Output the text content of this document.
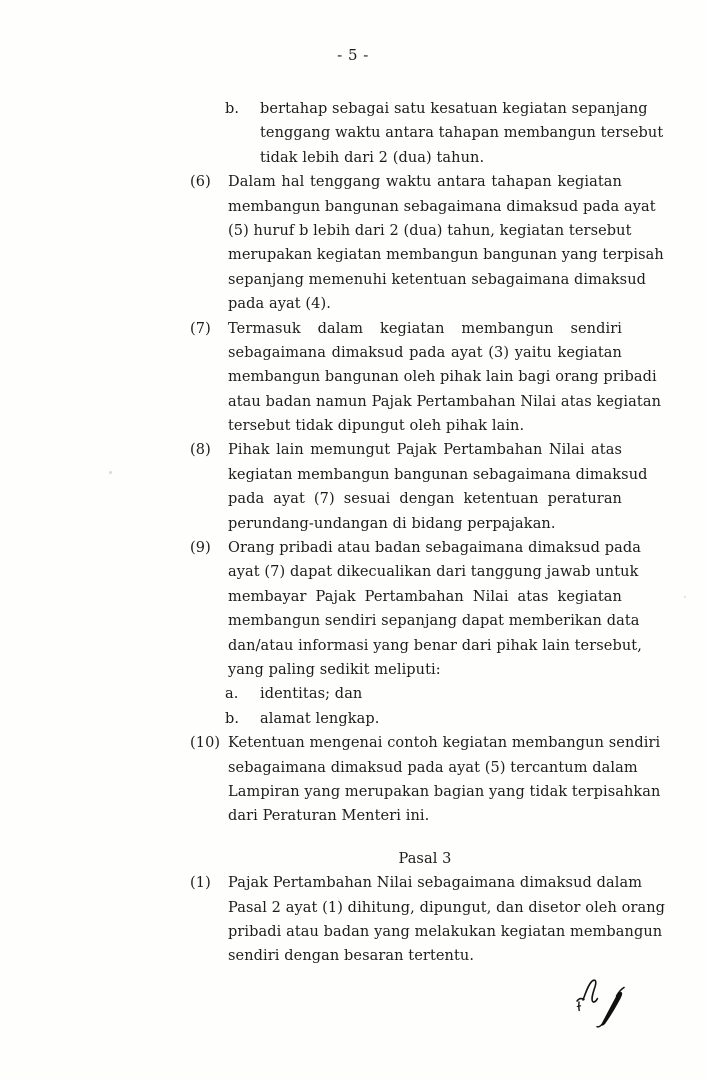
- 5 -
b. bertahap sebagai satu kesatuan kegiatan sepanjang
tenggang waktu antara tahapan membangun tersebut
tidak lebih dari 2 (dua) tahun.
(6) Dalam hal tenggang waktu antara tahapan kegiatan
membangun bangunan sebagaimana dimaksud pada ayat
(5) huruf b lebih dari 2 (dua) tahun, kegiatan tersebut
merupakan kegiatan membangun bangunan yang terpisah
sepanjang memenuhi ketentuan sebagaimana dimaksud
pada ayat (4).
(7) Termasuk dalam kegiatan membangun sendiri
sebagaimana dimaksud pada ayat (3) yaitu kegiatan
membangun bangunan oleh pihak lain bagi orang pribadi
atau badan namun Pajak Pertambahan Nilai atas kegiatan
tersebut tidak dipungut oleh pihak lain.
(8) Pihak lain memungut Pajak Pertambahan Nilai atas
kegiatan membangun bangunan sebagaimana dimaksud
pada ayat (7) sesuai dengan ketentuan peraturan
perundang-undangan di bidang perpajakan.
(9) Orang pribadi atau badan sebagaimana dimaksud pada
ayat (7) dapat dikecualikan dari tanggung jawab untuk
membayar Pajak Pertambahan Nilai atas kegiatan
membangun sendiri sepanjang dapat memberikan data
dan/atau informasi yang benar dari pihak lain tersebut,
yang paling sedikit meliputi:
a. identitas; dan
b. alamat lengkap.
(10) Ketentuan mengenai contoh kegiatan membangun sendiri
sebagaimana dimaksud pada ayat (5) tercantum dalam
Lampiran yang merupakan bagian yang tidak terpisahkan
dari Peraturan Menteri ini.
Pasal 3
(1) Pajak Pertambahan Nilai sebagaimana dimaksud dalam
Pasal 2 ayat (1) dihitung, dipungut, dan disetor oleh orang
pribadi atau badan yang melakukan kegiatan membangun
sendiri dengan besaran tertentu.
